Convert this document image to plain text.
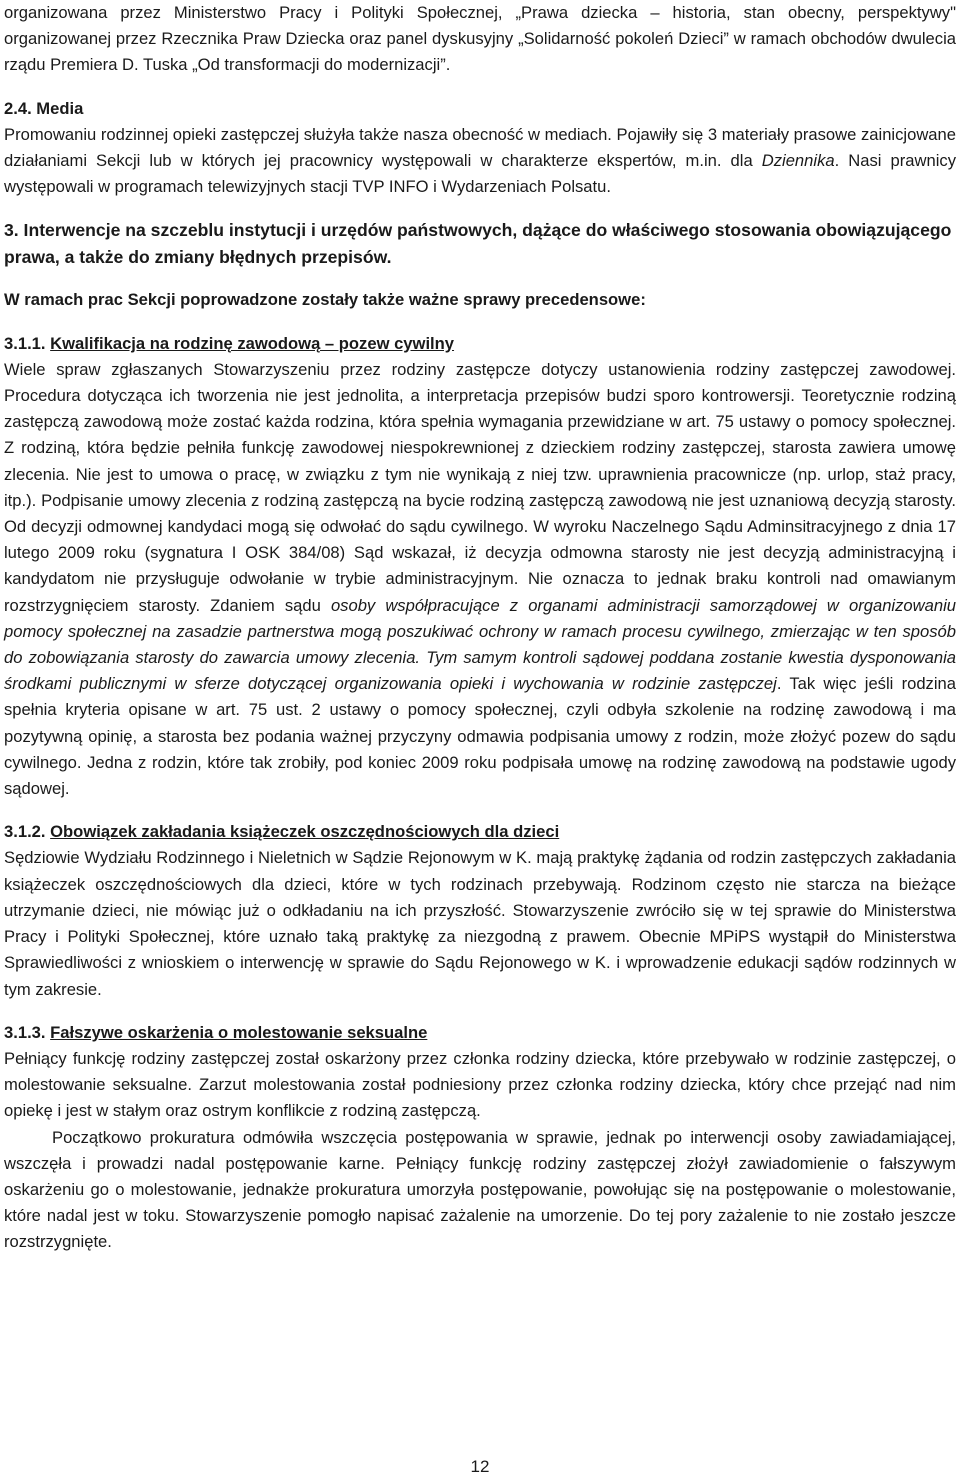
organizowana przez Ministerstwo Pracy i Polityki Społecznej, „Prawa dziecka – historia, stan obecny, perspektywy" organizowanej przez Rzecznika Praw Dziecka oraz panel dyskusyjny „Solidarność pokoleń Dzieci” w ramach obchodów dwulecia rządu Premiera D. Tuska „Od transformacji do modernizacji”.

2.4. Media

Promowaniu rodzinnej opieki zastępczej służyła także nasza obecność w mediach. Pojawiły się 3 materiały prasowe zainicjowane działaniami Sekcji lub w których jej pracownicy występowali w charakterze ekspertów, m.in. dla Dziennika. Nasi prawnicy występowali w programach telewizyjnych stacji TVP INFO i Wydarzeniach Polsatu.

3. Interwencje na szczeblu instytucji i urzędów państwowych, dążące do właściwego stosowania obowiązującego prawa, a także do zmiany błędnych przepisów.

W ramach prac Sekcji poprowadzone zostały także ważne sprawy precedensowe:

3.1.1. Kwalifikacja na rodzinę zawodową – pozew cywilny

Wiele spraw zgłaszanych Stowarzyszeniu przez rodziny zastępcze dotyczy ustanowienia rodziny zastępczej zawodowej. Procedura dotycząca ich tworzenia nie jest jednolita, a interpretacja przepisów budzi sporo kontrowersji. Teoretycznie rodziną zastępczą zawodową może zostać każda rodzina, która spełnia wymagania przewidziane w art. 75 ustawy o pomocy społecznej. Z rodziną, która będzie pełniła funkcję zawodowej niespokrewnionej z dzieckiem rodziny zastępczej, starosta zawiera umowę zlecenia. Nie jest to umowa o pracę, w związku z tym nie wynikają z niej tzw. uprawnienia pracownicze (np. urlop, staż pracy, itp.). Podpisanie umowy zlecenia z rodziną zastępczą na bycie rodziną zastępczą zawodową nie jest uznaniową decyzją starosty. Od decyzji odmownej kandydaci mogą się odwołać do sądu cywilnego. W wyroku Naczelnego Sądu Adminsitracyjnego z dnia 17 lutego 2009 roku (sygnatura I OSK 384/08) Sąd wskazał, iż decyzja odmowna starosty nie jest decyzją administracyjną i kandydatom nie przysługuje odwołanie w trybie administracyjnym. Nie oznacza to jednak braku kontroli nad omawianym rozstrzygnięciem starosty. Zdaniem sądu osoby współpracujące z organami administracji samorządowej w organizowaniu pomocy społecznej na zasadzie partnerstwa mogą poszukiwać ochrony w ramach procesu cywilnego, zmierzając w ten sposób do zobowiązania starosty do zawarcia umowy zlecenia. Tym samym kontroli sądowej poddana zostanie kwestia dysponowania środkami publicznymi w sferze dotyczącej organizowania opieki i wychowania w rodzinie zastępczej. Tak więc jeśli rodzina spełnia kryteria opisane w art. 75 ust. 2 ustawy o pomocy społecznej, czyli odbyła szkolenie na rodzinę zawodową i ma pozytywną opinię, a starosta bez podania ważnej przyczyny odmawia podpisania umowy z rodzin, może złożyć pozew do sądu cywilnego. Jedna z rodzin, które tak zrobiły, pod koniec 2009 roku podpisała umowę na rodzinę zawodową na podstawie ugody sądowej.

3.1.2. Obowiązek zakładania książeczek oszczędnościowych dla dzieci

Sędziowie Wydziału Rodzinnego i Nieletnich w Sądzie Rejonowym w K. mają praktykę żądania od rodzin zastępczych zakładania książeczek oszczędnościowych dla dzieci, które w tych rodzinach przebywają. Rodzinom często nie starcza na bieżące utrzymanie dzieci, nie mówiąc już o odkładaniu na ich przyszłość. Stowarzyszenie zwróciło się w tej sprawie do Ministerstwa Pracy i Polityki Społecznej, które uznało taką praktykę za niezgodną z prawem. Obecnie MPiPS wystąpił do Ministerstwa Sprawiedliwości z wnioskiem o interwencję w sprawie do Sądu Rejonowego w K. i wprowadzenie edukacji sądów rodzinnych w tym zakresie.

3.1.3. Fałszywe oskarżenia o molestowanie seksualne

Pełniący funkcję rodziny zastępczej został oskarżony przez członka rodziny dziecka, które przebywało w rodzinie zastępczej, o molestowanie seksualne. Zarzut molestowania został podniesiony przez członka rodziny dziecka, który chce przejąć nad nim opiekę i jest w stałym oraz ostrym konflikcie z rodziną zastępczą.

Początkowo prokuratura odmówiła wszczęcia postępowania w sprawie, jednak po interwencji osoby zawiadamiającej, wszczęła i prowadzi nadal postępowanie karne. Pełniący funkcję rodziny zastępczej złożył zawiadomienie o fałszywym oskarżeniu go o molestowanie, jednakże prokuratura umorzyła postępowanie, powołując się na postępowanie o molestowanie, które nadal jest w toku. Stowarzyszenie pomogło napisać zażalenie na umorzenie. Do tej pory zażalenie to nie zostało jeszcze rozstrzygnięte.

12
